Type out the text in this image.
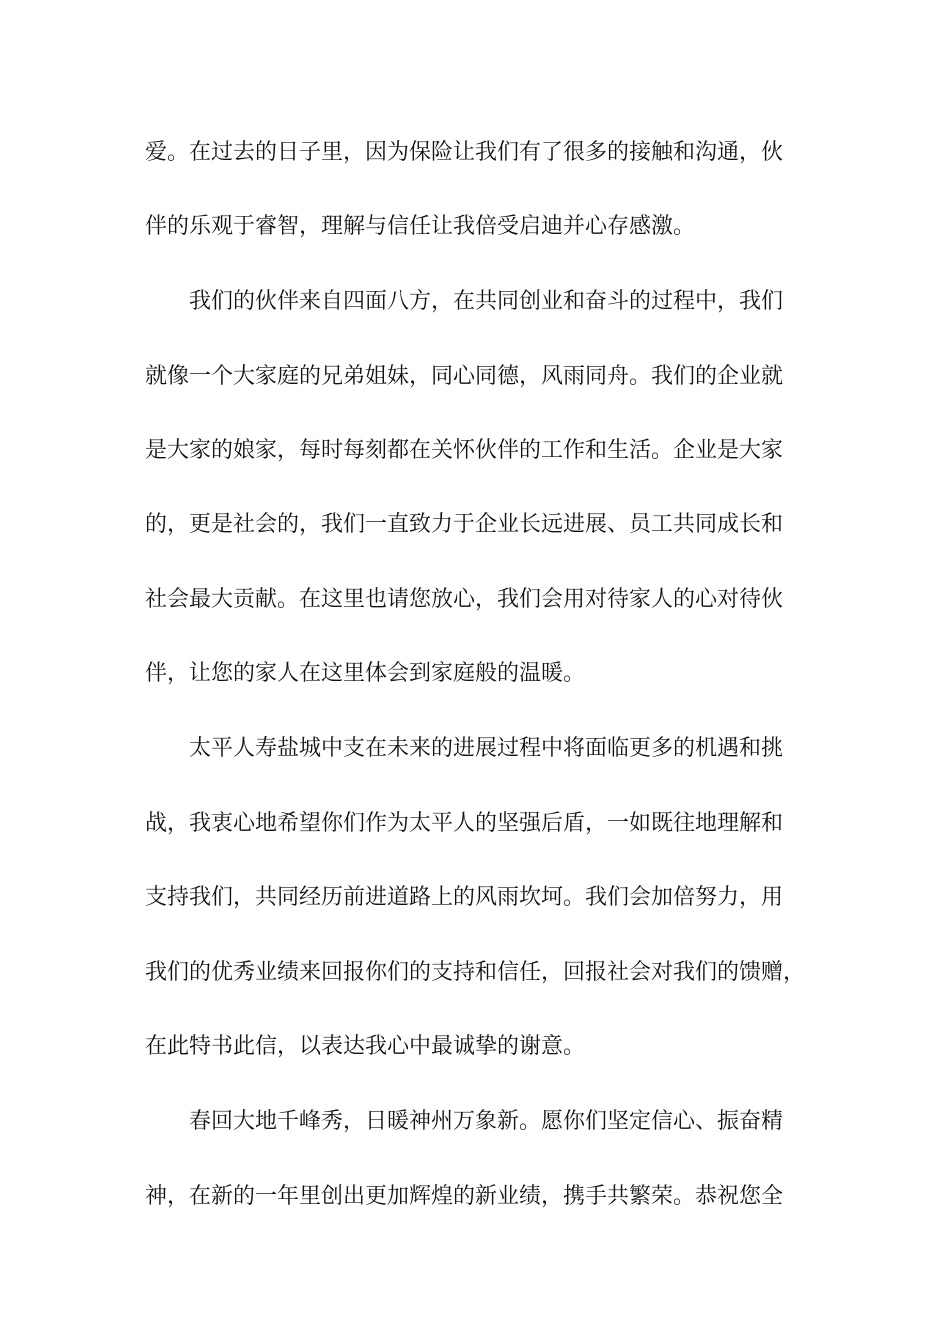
爱。在过去的日子里，因为保险让我们有了很多的接触和沟通，伙
伴的乐观于睿智，理解与信任让我倍受启迪并心存感激。
我们的伙伴来自四面八方，在共同创业和奋斗的过程中，我们
就像一个大家庭的兄弟姐妹，同心同德，风雨同舟。我们的企业就
是大家的娘家，每时每刻都在关怀伙伴的工作和生活。企业是大家
的，更是社会的，我们一直致力于企业长远进展、员工共同成长和
社会最大贡献。在这里也请您放心，我们会用对待家人的心对待伙
伴，让您的家人在这里体会到家庭般的温暖。
太平人寿盐城中支在未来的进展过程中将面临更多的机遇和挑
战，我衷心地希望你们作为太平人的坚强后盾，一如既往地理解和
支持我们，共同经历前进道路上的风雨坎坷。我们会加倍努力，用
我们的优秀业绩来回报你们的支持和信任，回报社会对我们的馈赠，
在此特书此信，以表达我心中最诚挚的谢意。
春回大地千峰秀，日暖神州万象新。愿你们坚定信心、振奋精
神，在新的一年里创出更加辉煌的新业绩，携手共繁荣。恭祝您全
